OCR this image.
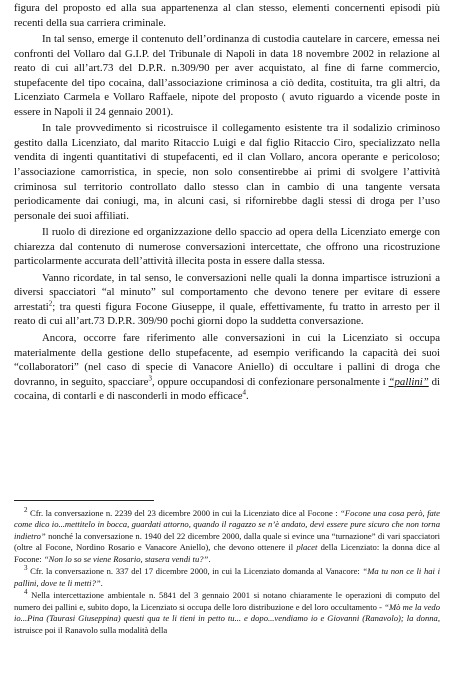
figura del proposto ed alla sua appartenenza al clan stesso, elementi concernenti episodi più recenti della sua carriera criminale.

In tal senso, emerge il contenuto dell’ordinanza di custodia cautelare in carcere, emessa nei confronti del Vollaro dal G.I.P. del Tribunale di Napoli in data 18 novembre 2002 in relazione al reato di cui all’art.73 del D.P.R. n.309/90 per aver acquistato, al fine di farne commercio, stupefacente del tipo cocaina, dall’associazione criminosa a ciò dedita, costituita, tra gli altri, da Licenziato Carmela e Vollaro Raffaele, nipote del proposto ( avuto riguardo a vicende poste in essere in Napoli il 24 gennaio 2001).

In tale provvedimento si ricostruisce il collegamento esistente tra il sodalizio criminoso gestito dalla Licenziato, dal marito Ritaccio Luigi e dal figlio Ritaccio Ciro, specializzato nella vendita di ingenti quantitativi di stupefacenti, ed il clan Vollaro, ancora operante e pericoloso; l’associazione camorristica, in specie, non solo consentirebbe ai primi di svolgere l’attività criminosa sul territorio controllato dallo stesso clan in cambio di una tangente versata periodicamente dai coniugi, ma, in alcuni casi, si rifornirebbe dagli stessi di droga per l’uso personale dei suoi affiliati.

Il ruolo di direzione ed organizzazione dello spaccio ad opera della Licenziato emerge con chiarezza dal contenuto di numerose conversazioni intercettate, che offrono una ricostruzione particolarmente accurata dell’attività illecita posta in essere dalla stessa.

Vanno ricordate, in tal senso, le conversazioni nelle quali la donna impartisce istruzioni a diversi spacciatori “al minuto” sul comportamento che devono tenere per evitare di essere arrestati$^2$; tra questi figura Focone Giuseppe, il quale, effettivamente, fu tratto in arresto per il reato di cui all’art.73 D.P.R. 309/90 pochi giorni dopo la suddetta conversazione.

Ancora, occorre fare riferimento alle conversazioni in cui la Licenziato si occupa materialmente della gestione dello stupefacente, ad esempio verificando la capacità dei suoi “collaboratori” (nel caso di specie di Vanacore Aniello) di occultare i pallini di droga che dovranno, in seguito, spacciare$^3$, oppure occupandosi di confezionare personalmente i “pallini” di cocaina, di contarli e di nasconderli in modo efficace$^4$.

$^2$ Cfr. la conversazione n. 2239 del 23 dicembre 2000 in cui la Licenziato dice al Focone : “Focone una cosa però, fate come dico io...mettitelo in bocca, guardati attorno, quando il ragazzo se n’è andato, devi essere pure sicuro che non torna indietro” nonché la conversazione n. 1940 del 22 dicembre 2000, dalla quale si evince una “turnazione” di vari spacciatori (oltre al Focone, Nordino Rosario e Vanacore Aniello), che devono ottenere il placet della Licenziato: la donna dice al Focone: “Non lo so se viene Rosario, stasera vendi tu?”.

$^3$ Cfr. la conversazione n. 337 del 17 dicembre 2000, in cui la Licenziato domanda al Vanacore: “Ma tu non ce li hai i pallini, dove te li metti?”.

$^4$ Nella intercettazione ambientale n. 5841 del 3 gennaio 2001 si notano chiaramente le operazioni di computo del numero dei pallini e, subito dopo, la Licenziato si occupa delle loro distribuzione e del loro occultamento - “Mò me la vedo io...Pina (Taurasi Giuseppina) questi qua te li tieni in petto tu... e dopo...vendiamo io e Giovanni (Ranavolo); la donna, istruisce poi il Ranavolo sulla modalità della
